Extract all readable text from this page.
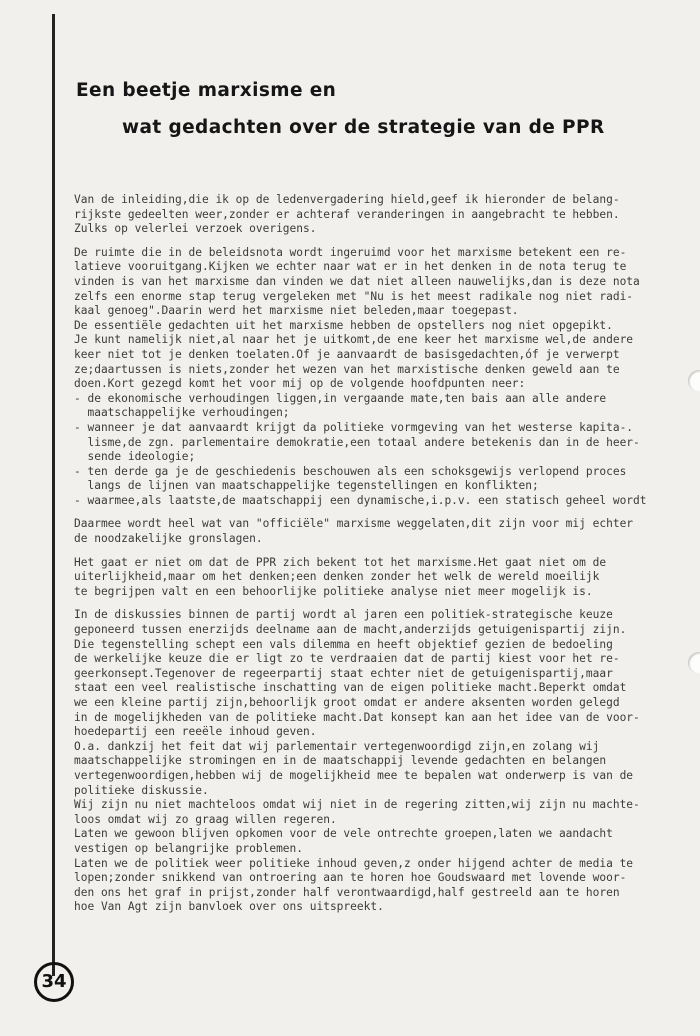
Een beetje marxisme en
wat gedachten over de strategie van de PPR

Van de inleiding,die ik op de ledenvergadering hield,geef ik hieronder de belang-
rijkste gedeelten weer,zonder er achteraf veranderingen in aangebracht te hebben.
Zulks op velerlei verzoek overigens.

De ruimte die in de beleidsnota wordt ingeruimd voor het marxisme betekent een re-
latieve vooruitgang.Kijken we echter naar wat er in het denken in de nota terug te
vinden is van het marxisme dan vinden we dat niet alleen nauwelijks,dan is deze nota
zelfs een enorme stap terug vergeleken met "Nu is het meest radikale nog niet radi-
kaal genoeg".Daarin werd het marxisme niet beleden,maar toegepast.
De essentiële gedachten uit het marxisme hebben de opstellers nog niet opgepikt.
Je kunt namelijk niet,al naar het je uitkomt,de ene keer het marxisme wel,de andere
keer niet tot je denken toelaten.Of je aanvaardt de basisgedachten,óf je verwerpt
ze;daartussen is niets,zonder het wezen van het marxistische denken geweld aan te
doen.Kort gezegd komt het voor mij op de volgende hoofdpunten neer:
- de ekonomische verhoudingen liggen,in vergaande mate,ten bais aan alle andere
maatschappelijke verhoudingen;
- wanneer je dat aanvaardt krijgt da politieke vormgeving van het westerse kapita-.
lisme,de zgn. parlementaire demokratie,een totaal andere betekenis dan in de heer-
sende ideologie;
- ten derde ga je de geschiedenis beschouwen als een schoksgewijs verlopend proces
langs de lijnen van maatschappelijke tegenstellingen en konflikten;
- waarmee,als laatste,de maatschappij een dynamische,i.p.v. een statisch geheel wordt

Daarmee wordt heel wat van "officiële" marxisme weggelaten,dit zijn voor mij echter
de noodzakelijke gronslagen.

Het gaat er niet om dat de PPR zich bekent tot het marxisme.Het gaat niet om de
uiterlijkheid,maar om het denken;een denken zonder het welk de wereld moeilijk
te begrijpen valt en een behoorlijke politieke analyse niet meer mogelijk is.

In de diskussies binnen de partij wordt al jaren een politiek-strategische keuze
geponeerd tussen enerzijds deelname aan de macht,anderzijds getuigenispartij zijn.
Die tegenstelling schept een vals dilemma en heeft objektief gezien de bedoeling
de werkelijke keuze die er ligt zo te verdraaien dat de partij kiest voor het re-
geerkonsept.Tegenover de regeerpartij staat echter niet de getuigenispartij,maar
staat een veel realistische inschatting van de eigen politieke macht.Beperkt omdat
we een kleine partij zijn,behoorlijk groot omdat er andere aksenten worden gelegd
in de mogelijkheden van de politieke macht.Dat konsept kan aan het idee van de voor-
hoedepartij een reeële inhoud geven.
O.a. dankzij het feit dat wij parlementair vertegenwoordigd zijn,en zolang wij
maatschappelijke stromingen en in de maatschappij levende gedachten en belangen
vertegenwoordigen,hebben wij de mogelijkheid mee te bepalen wat onderwerp is van de
politieke diskussie.
Wij zijn nu niet machteloos omdat wij niet in de regering zitten,wij zijn nu machte-
loos omdat wij zo graag willen regeren.
Laten we gewoon blijven opkomen voor de vele ontrechte groepen,laten we aandacht
vestigen op belangrijke problemen.
Laten we de politiek weer politieke inhoud geven,z onder hijgend achter de media te
lopen;zonder snikkend van ontroering aan te horen hoe Goudswaard met lovende woor-
den ons het graf in prijst,zonder half verontwaardigd,half gestreeld aan te horen
hoe Van Agt zijn banvloek over ons uitspreekt.

34
